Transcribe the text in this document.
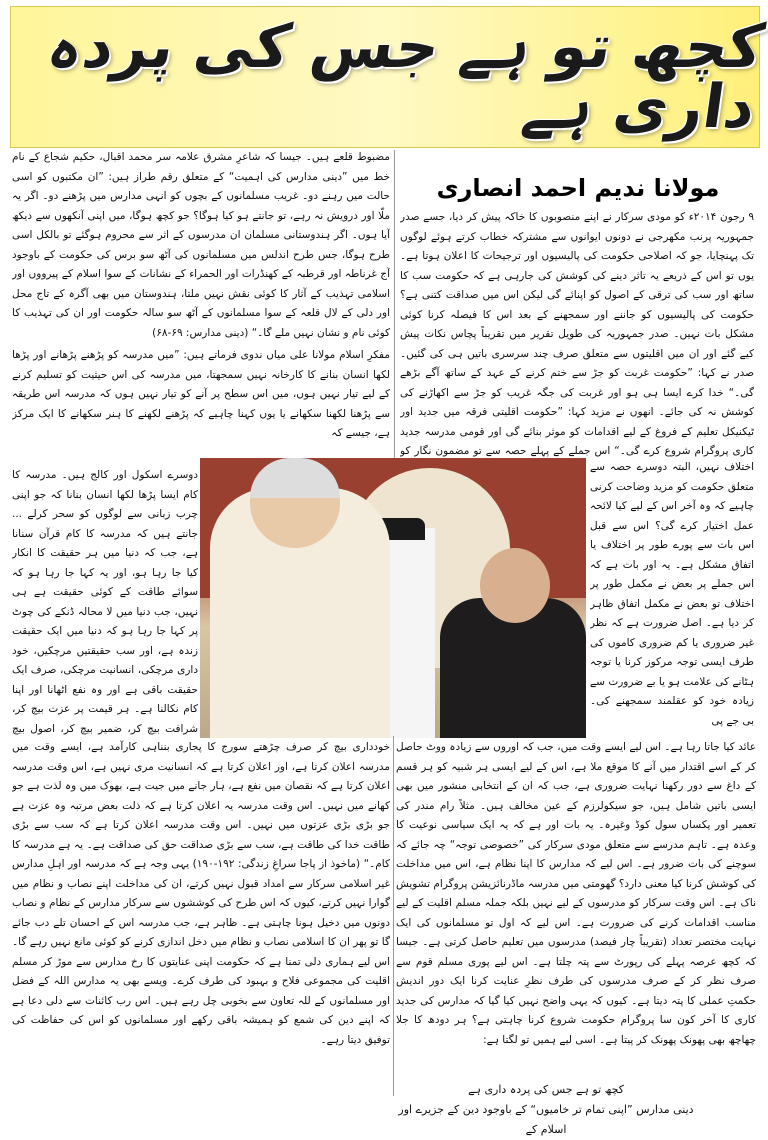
کچھ تو ہے جس کی پردہ داری ہے
مولانا ندیم احمد انصاری

۹ رجون ۲۰۱۴ء کو مودی سرکار نے اپنے منصوبوں کا خاکہ پیش کر دیا، جسے صدر جمہوریہ پرنب مکھرجی نے دونوں ایوانوں سے مشترکہ خطاب کرتے ہوئے لوگوں تک پہنچایا، جو کہ اصلاحی حکومت کی پالیسیوں اور ترجیحات کا اعلان ہوتا ہے۔ یوں تو اس کے ذریعے یہ تاثر دینے کی کوشش کی جارہی ہے کہ حکومت سب کا ساتھ اور سب کی ترقی کے اصول کو اپنائے گی لیکن اس میں صداقت کتنی ہے؟ حکومت کی پالیسیوں کو جاننے اور سمجھنے کے بعد اس کا فیصلہ کرنا کوئی مشکل بات نہیں۔ صدر جمہوریہ کی طویل تقریر میں تقریباً پچاس نکات پیش کیے گئے اور ان میں اقلیتوں سے متعلق صرف چند سرسری باتیں ہی کی گئیں۔ صدر نے کہا: ”حکومت غربت کو جڑ سے ختم کرنے کے عہد کے ساتھ آگے بڑھے گی۔“ خدا کرے ایسا ہی ہو اور غربت کی جگہ غریب کو جڑ سے اکھاڑنے کی کوشش نہ کی جائے۔ انھوں نے مزید کہا: ”حکومت اقلیتی فرقہ میں جدید اور ٹیکنیکل تعلیم کے فروغ کے لیے اقدامات کو موثر بنائے گی اور قومی مدرسہ جدید کاری پروگرام شروع کرے گی۔“ اس جملے کے پہلے حصہ سے تو مضمون نگار کو

مضبوط قلعے ہیں۔ جیسا کہ شاعرِ مشرق علامہ سر محمد اقبال، حکیم شجاع کے نام خط میں ”دینی مدارس کی اہمیت“ کے متعلق رقم طراز ہیں: ”ان مکتبوں کو اسی حالت میں رہنے دو۔ غریب مسلمانوں کے بچوں کو انہی مدارس میں پڑھنے دو۔ اگر یہ ملّا اور درویش نہ رہے، تو جانتے ہو کیا ہوگا؟ جو کچھ ہوگا، میں اپنی آنکھوں سے دیکھ آیا ہوں۔ اگر ہندوستانی مسلمان ان مدرسوں کے اثر سے محروم ہوگئے تو بالکل اسی طرح ہوگا، جس طرح اندلس میں مسلمانوں کی آٹھ سو برس کی حکومت کے باوجود آج غرناطہ اور قرطبہ کے کھنڈرات اور الحمراء کے نشانات کے سوا اسلام کے پیرووں اور اسلامی تہذیب کے آثار کا کوئی نقش نہیں ملتا، ہندوستان میں بھی آگرہ کے تاج محل اور دلی کے لال قلعہ کے سوا مسلمانوں کے آٹھ سو سالہ حکومت اور ان کی تہذیب کا کوئی نام و نشان نہیں ملے گا۔“ (دینی مدارس: ۶۹-۶۸)

مفکرِ اسلام مولانا علی میاں ندوی فرماتے ہیں: ”میں مدرسہ کو پڑھنے پڑھانے اور پڑھا لکھا انسان بنانے کا کارخانہ نہیں سمجھتا، میں مدرسہ کی اس حیثیت کو تسلیم کرنے کے لیے تیار نہیں ہوں، میں اس سطح پر آنے کو تیار نہیں ہوں کہ مدرسہ اس طریقہ سے پڑھنا لکھنا سکھانے یا یوں کہنا چاہیے کہ پڑھنے لکھنے کا ہنر سکھانے کا ایک مرکز ہے، جیسے کہ

دوسرے اسکول اور کالج ہیں۔ مدرسہ کا کام ایسا پڑھا لکھا انسان بنانا کہ جو اپنی چرب زبانی سے لوگوں کو سحر کرلے ... جانتے ہیں کہ مدرسہ کا کام قرآن سنانا ہے، جب کہ دنیا میں ہر حقیقت کا انکار کیا جا رہا ہو، اور یہ کہا جا رہا ہو کہ سوائے طاقت کے کوئی حقیقت ہے ہی نہیں، جب دنیا میں لا محالہ ڈنکے کی چوٹ پر کہا جا رہا ہو کہ دنیا میں ایک حقیقت زندہ ہے، اور سب حقیقتیں مرچکیں، خود داری مرچکی، انسانیت مرچکی، صرف ایک حقیقت باقی ہے اور وہ نفع اٹھانا اور اپنا کام نکالنا ہے۔ ہر قیمت پر عزت بیچ کر، شرافت بیچ کر، ضمیر بیچ کر، اصول بیچ

اختلاف نہیں، البتہ دوسرے حصہ سے متعلق حکومت کو مزید وضاحت کرنی چاہیے کہ وہ آخر اس کے لیے کیا لائحہ عمل اختیار کرے گی؟ اس سے قبل اس بات سے پورے طور پر اختلاف یا اتفاق مشکل ہے۔ یہ اور بات ہے کہ اس جملے پر بعض نے مکمل طور پر اختلاف تو بعض نے مکمل اتفاق ظاہر کر دیا ہے۔ اصل ضرورت ہے کہ نظر غیر ضروری یا کم ضروری کاموں کی طرف ایسی توجہ مرکوز کرنا یا توجہ ہٹانے کی علامت ہو یا بے ضرورت سے زیادہ خود کو عقلمند سمجھنے کی۔ بی جے پی

خودداری بیچ کر صرف چڑھتے سورج کا پجاری بنناہی کارآمد ہے، ایسے وقت میں مدرسہ اعلان کرتا ہے، اور اعلان کرتا ہے کہ انسانیت مری نہیں ہے، اس وقت مدرسہ اعلان کرتا ہے کہ نقصان میں نفع ہے، ہار جانے میں جیت ہے، بھوک میں وہ لذت ہے جو کھانے میں نہیں۔ اس وقت مدرسہ یہ اعلان کرتا ہے کہ ذلت بعض مرتبہ وہ عزت ہے جو بڑی بڑی عزتوں میں نہیں۔ اس وقت مدرسہ اعلان کرتا ہے کہ سب سے بڑی طاقت خدا کی طاقت ہے، سب سے بڑی صداقت حق کی صداقت ہے۔ یہ ہے مدرسہ کا کام۔“ (ماخوذ از پاجا سراغِ زندگی: ۱۹۲-۱۹۰) یہی وجہ ہے کہ مدرسہ اور اہلِ مدارس غیر اسلامی سرکار سے امداد قبول نہیں کرتے، ان کی مداخلت اپنے نصاب و نظام میں گوارا نہیں کرتے، کیوں کہ اس طرح کی کوششوں سے سرکار مدارس کے نظام و نصاب دونوں میں دخیل ہونا چاہتی ہے۔ ظاہر ہے، جب مدرسہ اس کے احسان تلے دب جائے گا تو پھر ان کا اسلامی نصاب و نظام میں دخل اندازی کرنے کو کوئی مانع نہیں رہے گا۔ اس لیے ہماری دلی تمنا ہے کہ حکومت اپنی عنایتوں کا رخ مدارس سے موڑ کر مسلم اقلیت کی مجموعی فلاح و بہبود کی طرف کرے۔ ویسے بھی یہ مدارس اللہ کے فضل اور مسلمانوں کے للہ تعاون سے بخوبی چل رہے ہیں۔ اس رب کائنات سے دلی دعا ہے کہ اپنے دین کی شمع کو ہمیشہ باقی رکھے اور مسلمانوں کو اس کی حفاظت کی توفیق دیتا رہے۔

عائد کیا جاتا رہا ہے۔ اس لیے ایسے وقت میں، جب کہ اوروں سے زیادہ ووٹ حاصل کر کے اسے اقتدار میں آنے کا موقع ملا ہے، اس کے لیے ایسی ہر شبیہ کو ہر قسم کے داغ سے دور رکھنا نہایت ضروری ہے، جب کہ ان کے انتخابی منشور میں بھی ایسی باتیں شامل ہیں، جو سیکولرزم کے عین مخالف ہیں۔ مثلاً رام مندر کی تعمیر اور یکساں سول کوڈ وغیرہ۔ یہ بات اور ہے کہ یہ ایک سیاسی نوعیت کا وعدہ ہے۔ تاہم مدرسے سے متعلق مودی سرکار کی ”خصوصی توجہ“ چہ جائے کہ سوچنے کی بات ضرور ہے۔ اس لیے کہ مدارس کا اپنا نظام ہے، اس میں مداخلت کی کوشش کرنا کیا معنی دارد؟ گھومتی میں مدرسہ ماڈرنائزیشن پروگرام تشویش ناک ہے۔ اس وقت سرکار کو مدرسوں کے لیے نہیں بلکہ جملہ مسلم اقلیت کے لیے مناسب اقدامات کرنے کی ضرورت ہے۔ اس لیے کہ اول تو مسلمانوں کی ایک نہایت مختصر تعداد (تقریباً چار فیصد) مدرسوں میں تعلیم حاصل کرتی ہے۔ جیسا کہ کچھ عرصہ پہلے کی رپورٹ سے پتہ چلتا ہے۔ اس لیے پوری مسلم قوم سے صرف نظر کر کے صرف مدرسوں کی طرف نظرِ عنایت کرنا ایک دور اندیش حکمتِ عملی کا پتہ دیتا ہے۔ کیوں کہ یہی واضح نہیں کیا گیا کہ مدارس کی جدید کاری کا آخر کون سا پروگرام حکومت شروع کرنا چاہتی ہے؟ ہر دودھ کا جلا چھاچھ بھی پھونک پھونک کر پیتا ہے۔ اسی لیے ہمیں تو لگتا ہے:

کچھ تو ہے جس کی پردہ داری ہے
دینی مدارس ”اپنی تمام تر خامیوں“ کے باوجود دین کے جزیرے اور اسلام کے
